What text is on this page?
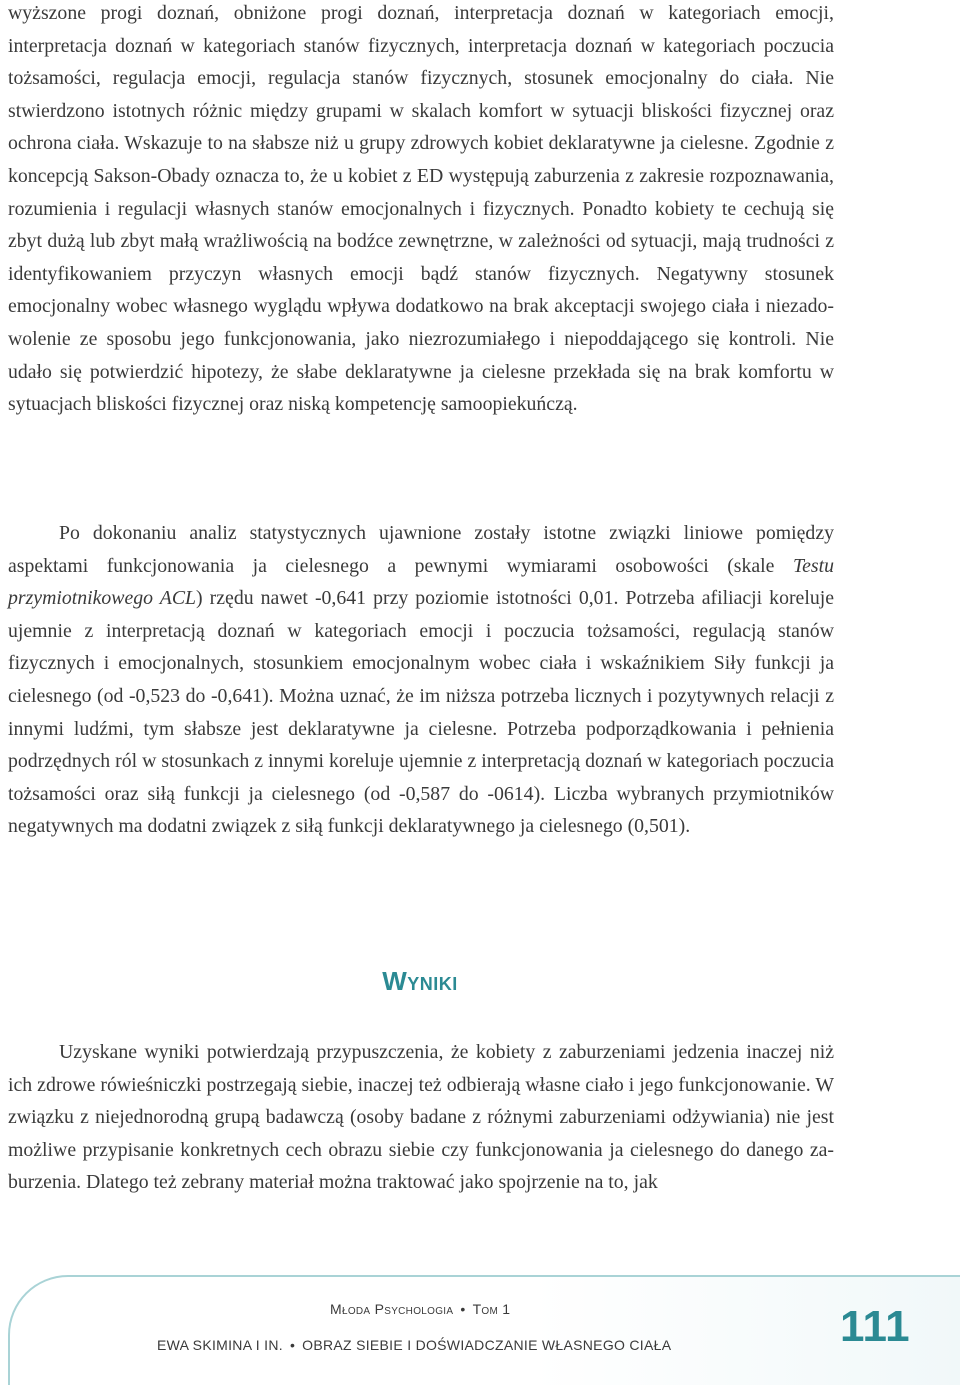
wyższone progi doznań, obniżone progi doznań, interpretacja doznań w kategoriach emocji, interpretacja doznań w kategoriach stanów fizycznych, interpretacja doznań w kategoriach poczucia tożsamości, regulacja emocji, regulacja stanów fizycznych, stosunek emocjonalny do ciała. Nie stwierdzono istotnych różnic między grupami w skalach komfort w sytuacji bliskości fizycznej oraz ochrona ciała. Wskazuje to na słabsze niż u grupy zdrowych kobiet deklaratywne ja cielesne. Zgodnie z koncepcją Sakson-Obady oznacza to, że u kobiet z ED występują zaburzenia z zakresie rozpoznawania, rozumienia i regulacji własnych stanów emocjonalnych i fizycznych. Ponadto kobiety te cechują się zbyt dużą lub zbyt małą wrażliwością na bodźce zewnętrzne, w zależności od sytuacji, mają trudności z identyfikowaniem przyczyn własnych emocji bądź stanów fizycznych. Negatywny stosunek emocjonalny wobec własnego wyglądu wpływa dodatkowo na brak akceptacji swojego ciała i niezadowolenie ze sposobu jego funkcjonowania, jako niezrozumiałego i niepoddającego się kontroli. Nie udało się potwierdzić hipotezy, że słabe deklaratywne ja cielesne przekłada się na brak komfortu w sytuacjach bliskości fizycznej oraz niską kompetencję samoopiekuńczą.

Po dokonaniu analiz statystycznych ujawnione zostały istotne związki liniowe pomiędzy aspektami funkcjonowania ja cielesnego a pewnymi wymiarami osobowości (skale Testu przymiotnikowego ACL) rzędu nawet -0,641 przy poziomie istotności 0,01. Potrzeba afiliacji koreluje ujemnie z interpretacją doznań w kategoriach emocji i poczucia tożsamości, regulacją stanów fizycznych i emocjonalnych, stosunkiem emocjonalnym wobec ciała i wskaźnikiem Siły funkcji ja cielesnego (od -0,523 do -0,641). Można uznać, że im niższa potrzeba licznych i pozytywnych relacji z innymi ludźmi, tym słabsze jest deklaratywne ja cielesne. Potrzeba podporządkowania i pełnienia podrzędnych ról w stosunkach z innymi koreluje ujemnie z interpretacją doznań w kategoriach poczucia tożsamości oraz siłą funkcji ja cielesnego (od -0,587 do -0614). Liczba wybranych przymiotników negatywnych ma dodatni związek z siłą funkcji deklaratywnego ja cielesnego (0,501).

Wyniki

Uzyskane wyniki potwierdzają przypuszczenia, że kobiety z zaburzeniami jedzenia inaczej niż ich zdrowe rówieśniczki postrzegają siebie, inaczej też odbierają własne ciało i jego funkcjonowanie. W związku z niejednorodną grupą badawczą (osoby badane z różnymi zaburzeniami odżywiania) nie jest możliwe przypisanie konkretnych cech obrazu siebie czy funkcjonowania ja cielesnego do danego zaburzenia. Dlatego też zebrany materiał można traktować jako spojrzenie na to, jak

Młoda Psychologia • Tom 1
EWA SKIMINA I IN. • OBRAZ SIEBIE I DOŚWIADCZANIE WŁASNEGO CIAŁA	111
